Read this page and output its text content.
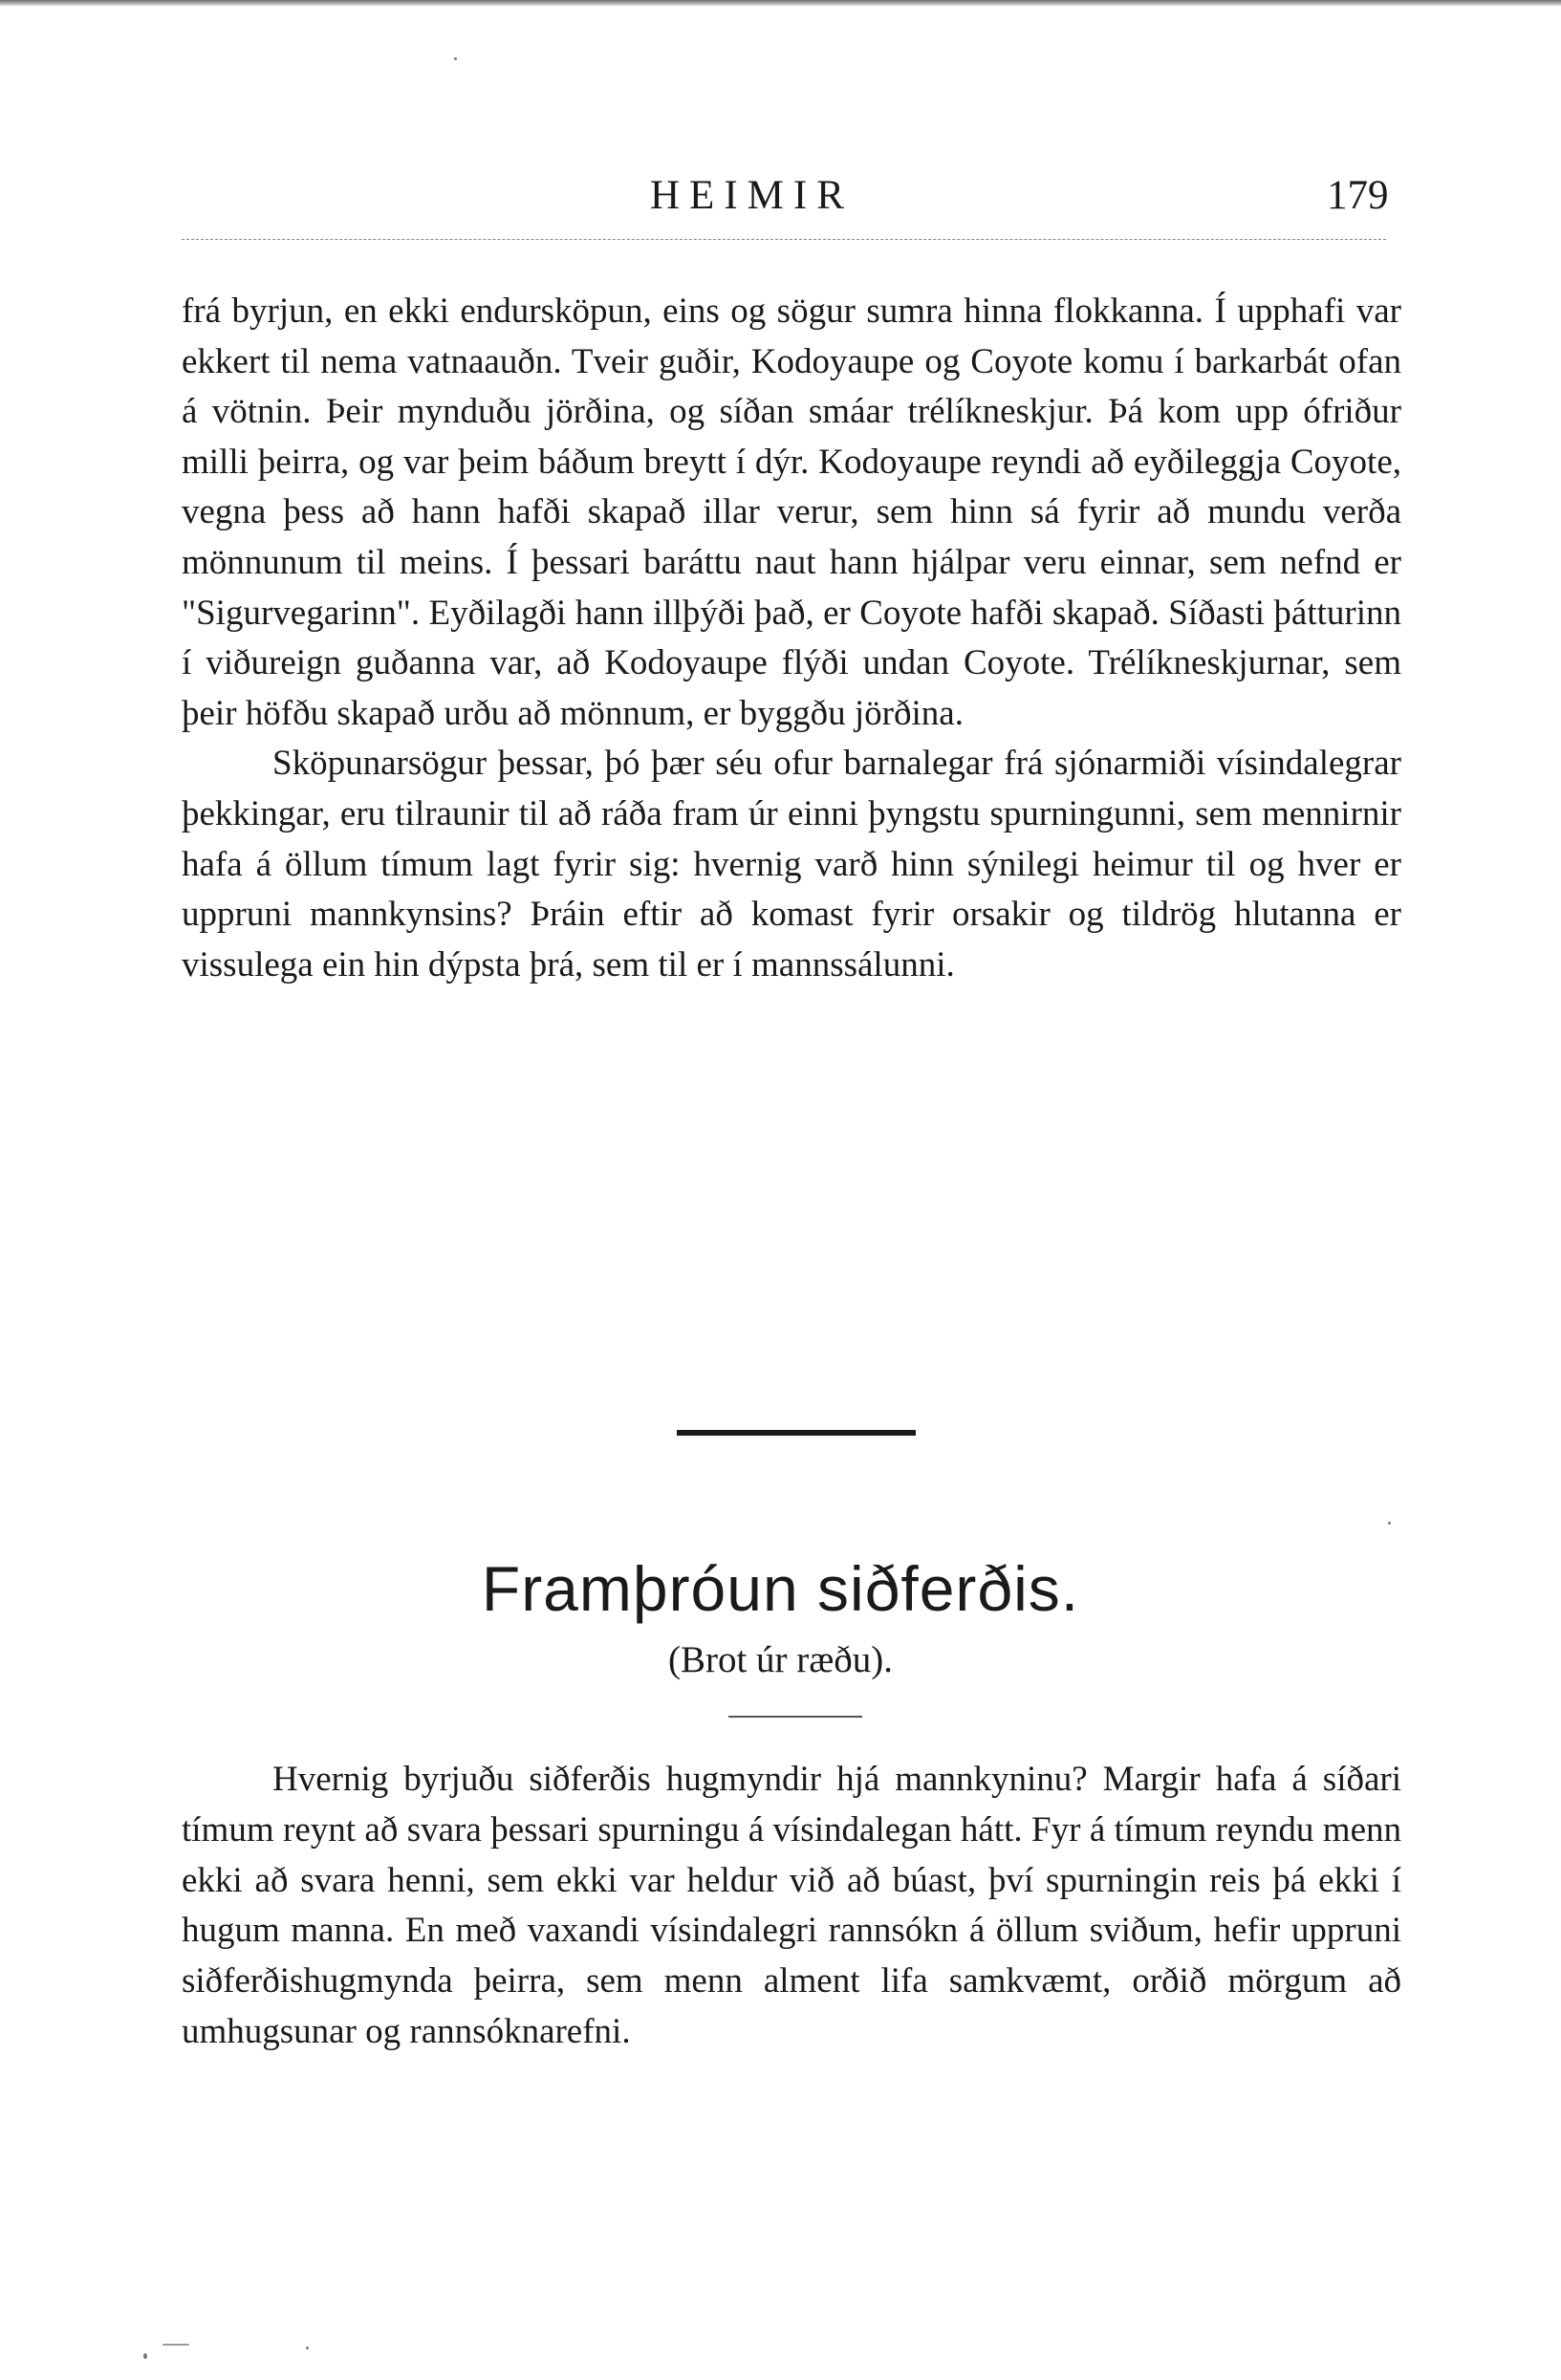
HEIMIR	179

frá byrjun, en ekki endursköpun, eins og sögur sumra hinna flokkanna. Í upphafi var ekkert til nema vatnaauðn. Tveir guðir, Kodoyaupe og Coyote komu í barkarbát ofan á vötnin. Þeir mynduðu jörðina, og síðan smáar trélíkneskjur. Þá kom upp ófriður milli þeirra, og var þeim báðum breytt í dýr. Kodoyaupe reyndi að eyðileggja Coyote, vegna þess að hann hafði skapað illar verur, sem hinn sá fyrir að mundu verða mönnunum til meins. Í þessari baráttu naut hann hjálpar veru einnar, sem nefnd er "Sigurvegarinn". Eyðilagði hann illþýði það, er Coyote hafði skapað. Síðasti þátturinn í viðureign guðanna var, að Kodoyaupe flýði undan Coyote. Trélíkneskjurnar, sem þeir höfðu skapað urðu að mönnum, er byggðu jörðina.

Sköpunarsögur þessar, þó þær séu ofur barnalegar frá sjónarmiði vísindalegrar þekkingar, eru tilraunir til að ráða fram úr einni þyngstu spurningunni, sem mennirnir hafa á öllum tímum lagt fyrir sig: hvernig varð hinn sýnilegi heimur til og hver er uppruni mannkynsins? Þráin eftir að komast fyrir orsakir og tildrög hlutanna er vissulega ein hin dýpsta þrá, sem til er í mannssálunni.

Framþróun siðferðis.
(Brot úr ræðu).

Hvernig byrjuðu siðferðis hugmyndir hjá mannkyninu? Margir hafa á síðari tímum reynt að svara þessari spurningu á vísindalegan hátt. Fyr á tímum reyndu menn ekki að svara henni, sem ekki var heldur við að búast, því spurningin reis þá ekki í hugum manna. En með vaxandi vísindalegri rannsókn á öllum sviðum, hefir uppruni siðferðishugmynda þeirra, sem menn alment lifa samkvæmt, orðið mörgum að umhugsunar og rannsóknarefni.
